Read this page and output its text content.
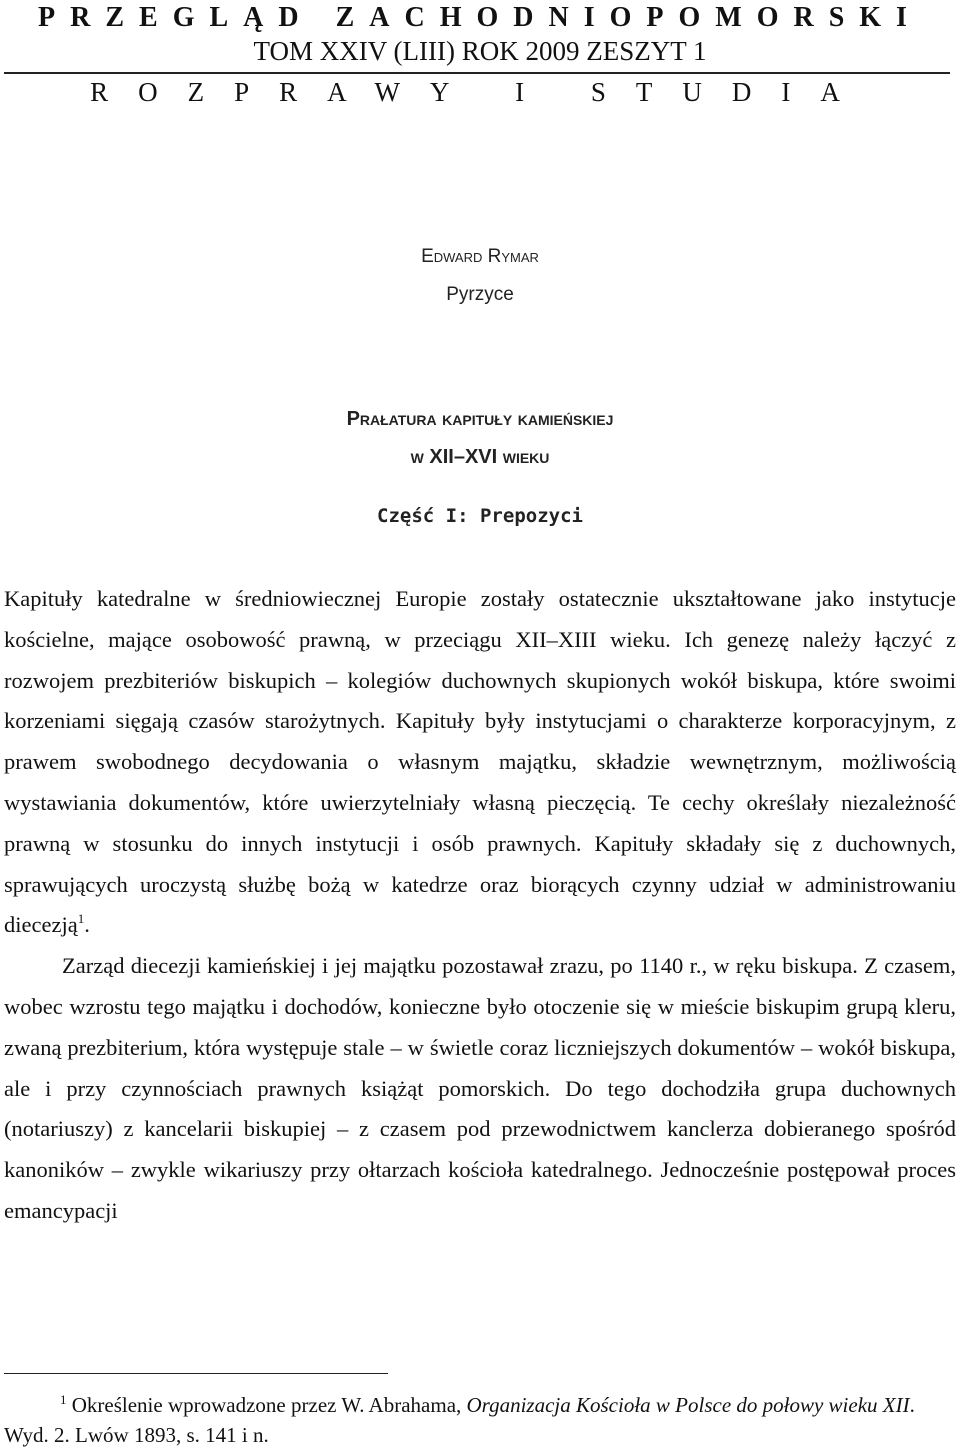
PRZEGLĄD ZACHODNIOPOMORSKI

TOM XXIV (LIII) ROK 2009 ZESZYT 1

ROZPRAWY I STUDIA

Edward Rymar

Pyrzyce

Prałatura kapituły kamieńskiej
w XII–XVI wieku

Część I: Prepozyci

Kapituły katedralne w średniowiecznej Europie zostały ostatecznie ukształtowane jako instytucje kościelne, mające osobowość prawną, w przeciągu XII–XIII wieku. Ich genezę należy łączyć z rozwojem prezbiteriów biskupich – kolegiów duchownych skupionych wokół biskupa, które swoimi korzeniami sięgają czasów starożytnych. Kapituły były instytucjami o charakterze korporacyjnym, z prawem swobodnego decydowania o własnym majątku, składzie wewnętrznym, możliwością wystawiania dokumentów, które uwierzytelniały własną pieczęcią. Te cechy określały niezależność prawną w stosunku do innych instytucji i osób prawnych. Kapituły składały się z duchownych, sprawujących uroczystą służbę bożą w katedrze oraz biorących czynny udział w administrowaniu diecezją$^1$.

Zarząd diecezji kamieńskiej i jej majątku pozostawał zrazu, po 1140 r., w ręku biskupa. Z czasem, wobec wzrostu tego majątku i dochodów, konieczne było otoczenie się w mieście biskupim grupą kleru, zwaną prezbiterium, która występuje stale – w świetle coraz liczniejszych dokumentów – wokół biskupa, ale i przy czynnościach prawnych książąt pomorskich. Do tego dochodziła grupa duchownych (notariuszy) z kancelarii biskupiej – z czasem pod przewodnictwem kanclerza dobieranego spośród kanoników – zwykle wikariuszy przy ołtarzach kościoła katedralnego. Jednocześnie postępował proces emancypacji

$^1$ Określenie wprowadzone przez W. Abrahama, Organizacja Kościoła w Polsce do połowy wieku XII. Wyd. 2. Lwów 1893, s. 141 i n.
